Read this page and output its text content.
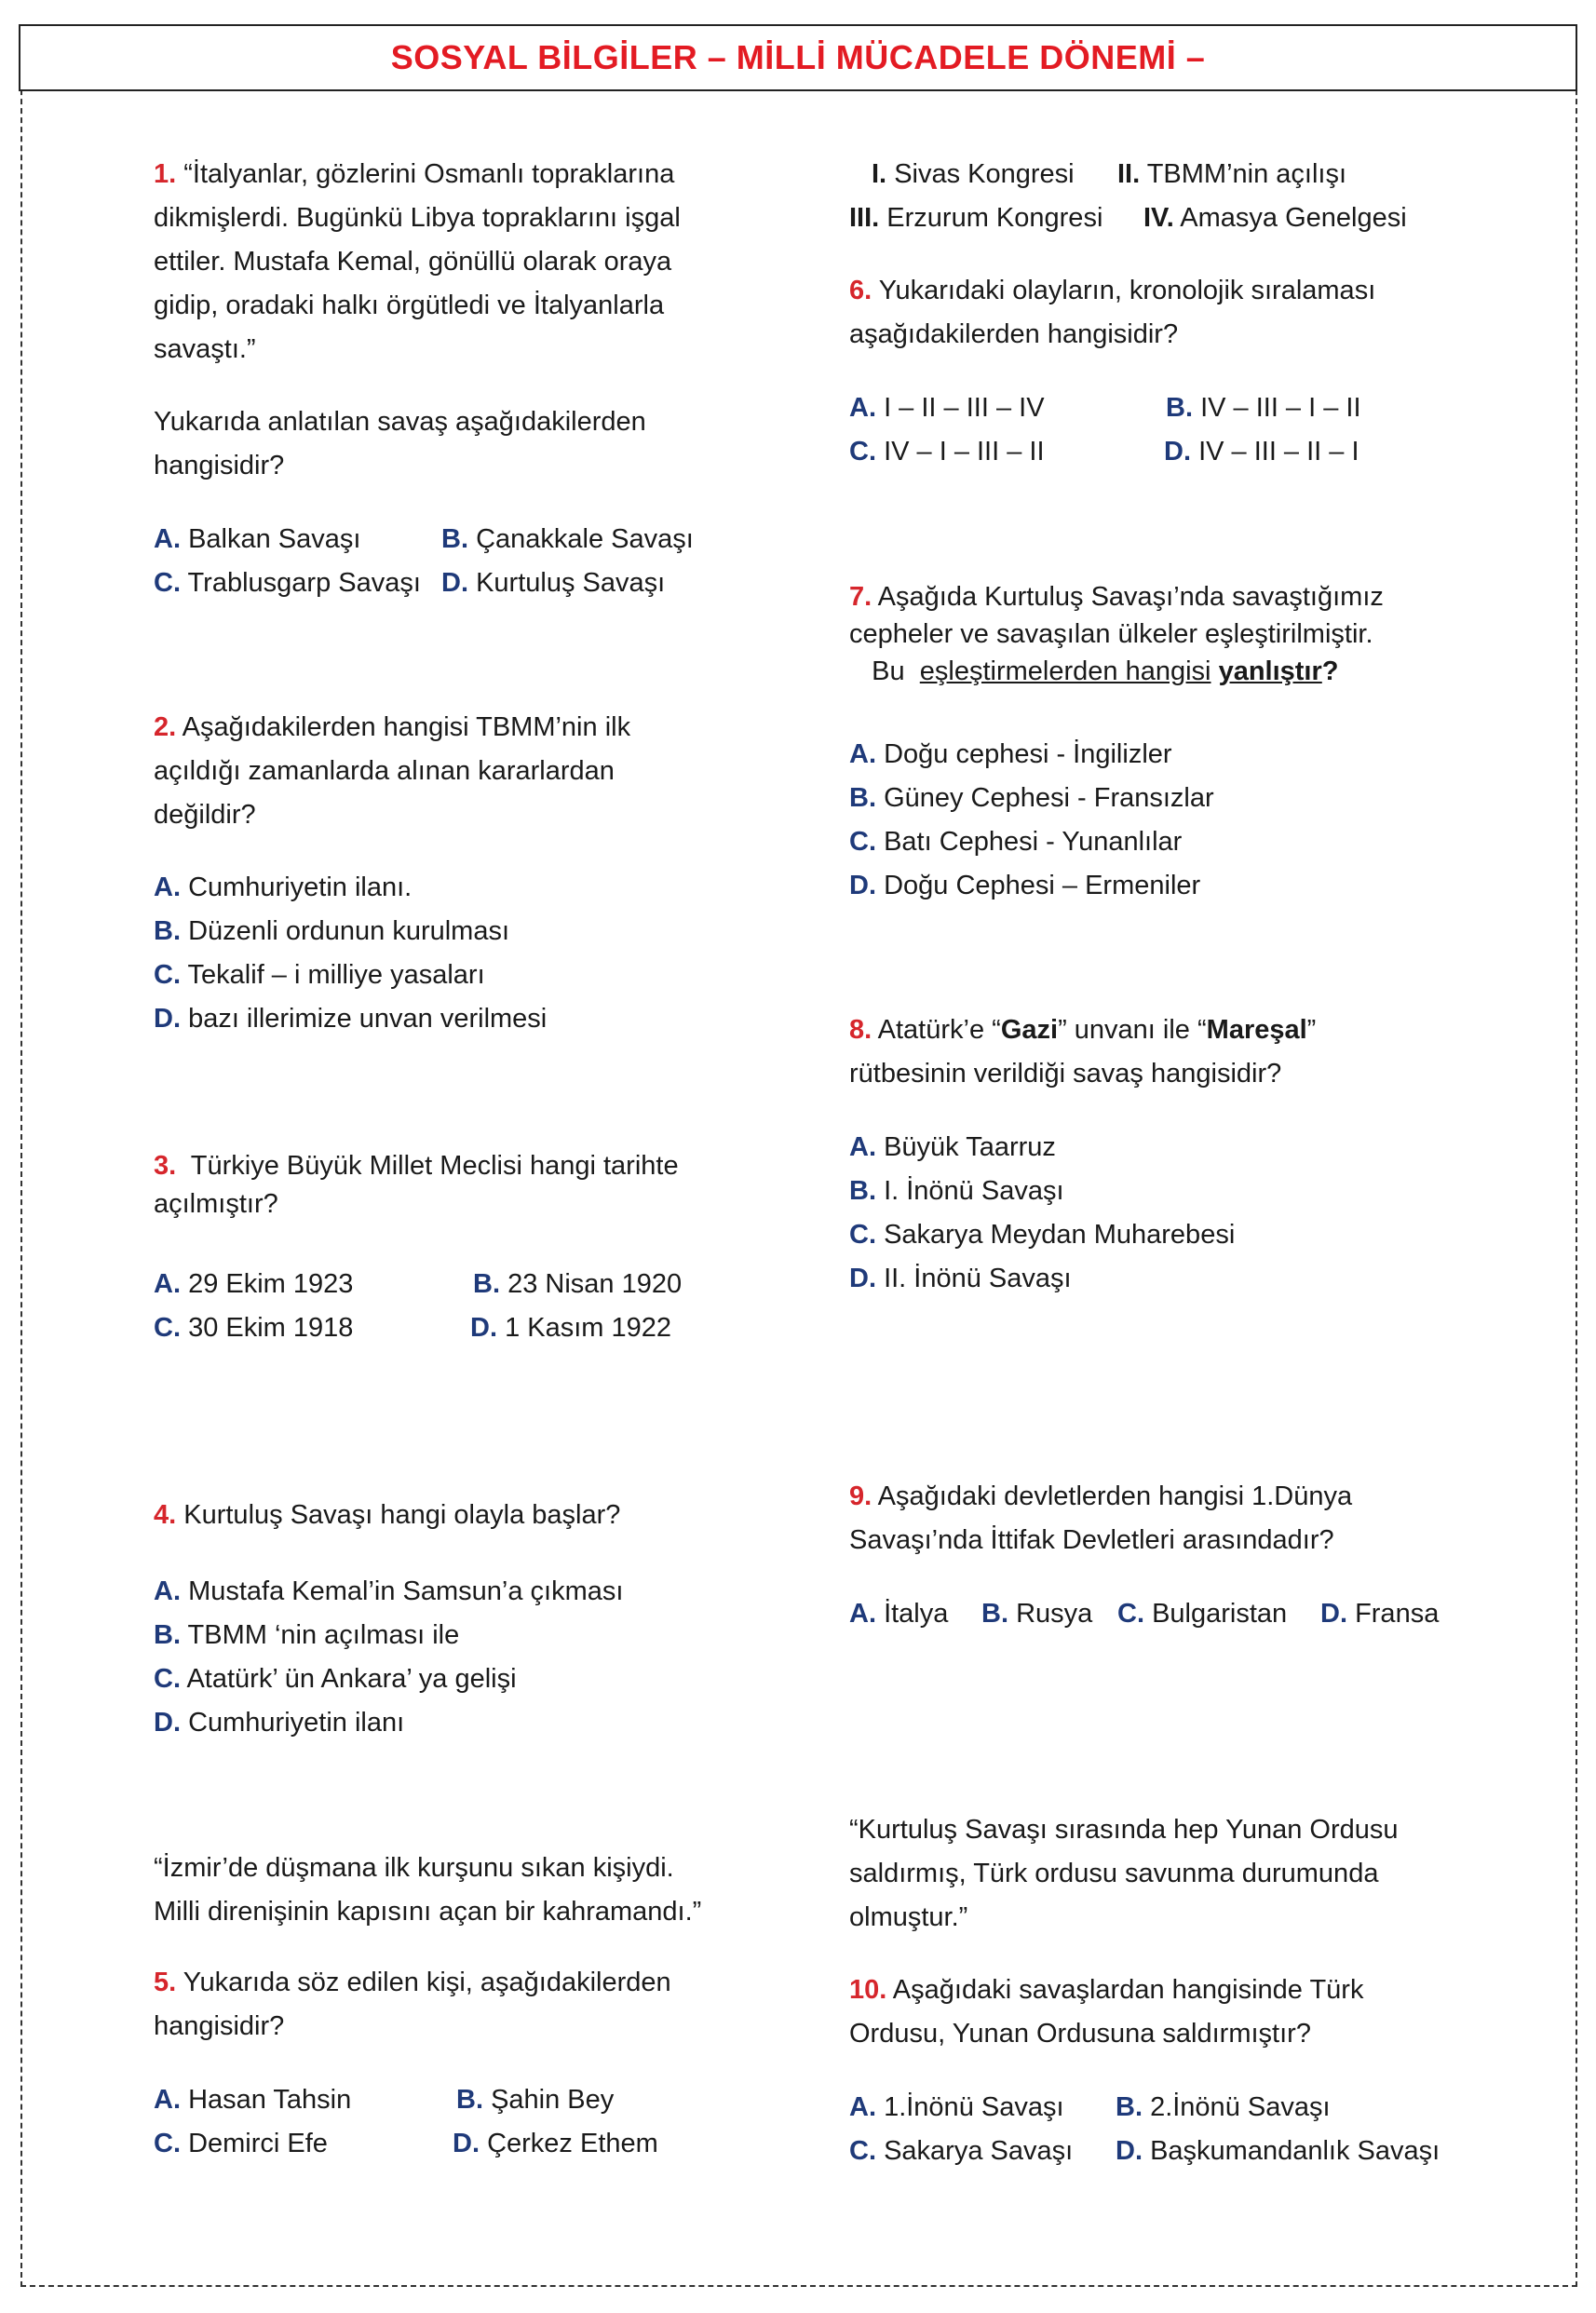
SOSYAL BİLGİLER – MİLLİ MÜCADELE DÖNEMİ –
1. “İtalyanlar, gözlerini Osmanlı topraklarına
dikmişlerdi. Bugünkü Libya topraklarını işgal
ettiler. Mustafa Kemal, gönüllü olarak oraya
gidip, oradaki halkı örgütledi ve İtalyanlarla
savaştı.”
Yukarıda anlatılan savaş aşağıdakilerden
hangisidir?
A. Balkan Savaşı	B. Çanakkale Savaşı
C. Trablusgarp Savaşı D. Kurtuluş Savaşı
2. Aşağıdakilerden hangisi TBMM’nin ilk
açıldığı zamanlarda alınan kararlardan
değildir?
A. Cumhuriyetin ilanı.
B. Düzenli ordunun kurulması
C. Tekalif – i milliye yasaları
D. bazı illerimize unvan verilmesi
3. Türkiye Büyük Millet Meclisi hangi tarihte
açılmıştır?
A. 29 Ekim 1923	B. 23 Nisan 1920
C. 30 Ekim 1918	D. 1 Kasım 1922
4. Kurtuluş Savaşı hangi olayla başlar?
A. Mustafa Kemal’in Samsun’a çıkması
B. TBMM ‘nin açılması ile
C. Atatürk’ ün Ankara’ ya gelişi
D. Cumhuriyetin ilanı
“İzmir’de düşmana ilk kurşunu sıkan kişiydi.
Milli direnişinin kapısını açan bir kahramandı.”
5. Yukarıda söz edilen kişi, aşağıdakilerden
hangisidir?
A. Hasan Tahsin	B. Şahin Bey
C. Demirci Efe	D. Çerkez Ethem
I. Sivas Kongresi II. TBMM’nin açılışı
III. Erzurum Kongresi IV. Amasya Genelgesi
6. Yukarıdaki olayların, kronolojik sıralaması
aşağıdakilerden hangisidir?
A. I – II – III – IV	B. IV – III – I – II
C. IV – I – III – II	D. IV – III – II – I
7. Aşağıda Kurtuluş Savaşı’nda savaştığımız
cepheler ve savaşılan ülkeler eşleştirilmiştir.
Bu eşleştirmelerden hangisi yanlıştır?
A. Doğu cephesi - İngilizler
B. Güney Cephesi - Fransızlar
C. Batı Cephesi - Yunanlılar
D. Doğu Cephesi – Ermeniler
8. Atatürk’e “Gazi” unvanı ile “Mareşal”
rütbesinin verildiği savaş hangisidir?
A. Büyük Taarruz
B. I. İnönü Savaşı
C. Sakarya Meydan Muharebesi
D. II. İnönü Savaşı
9. Aşağıdaki devletlerden hangisi 1.Dünya
Savaşı’nda İttifak Devletleri arasındadır?
A. İtalya B. Rusya C. Bulgaristan D. Fransa
“Kurtuluş Savaşı sırasında hep Yunan Ordusu
saldırmış, Türk ordusu savunma durumunda
olmuştur.”
10. Aşağıdaki savaşlardan hangisinde Türk
Ordusu, Yunan Ordusuna saldırmıştır?
A. 1.İnönü Savaşı B. 2.İnönü Savaşı
C. Sakarya Savaşı D. Başkumandanlık Savaşı
